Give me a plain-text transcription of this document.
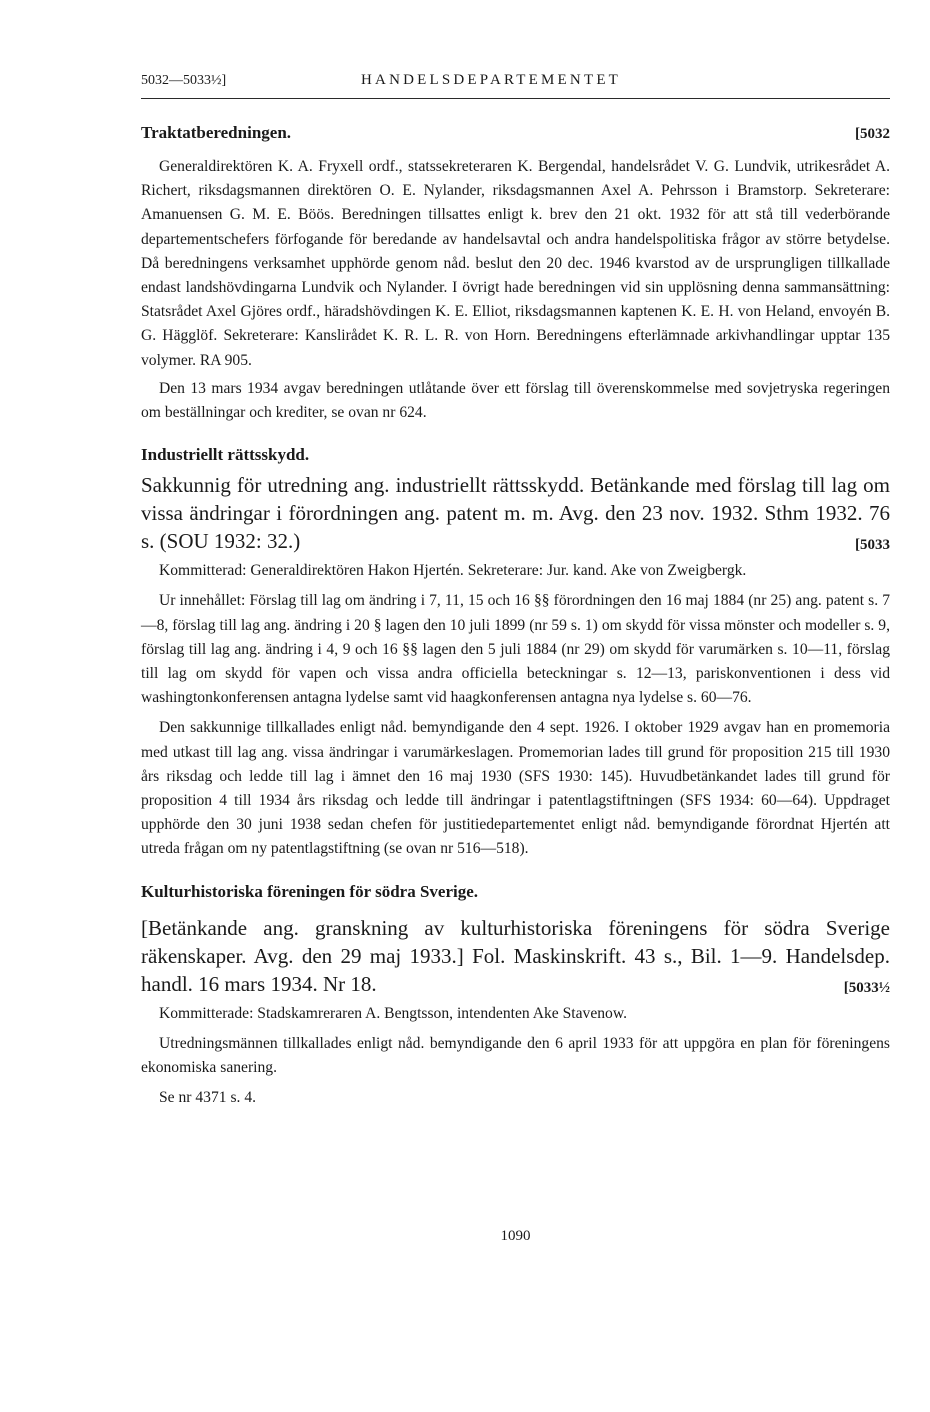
5032—5033½]	HANDELSDEPARTEMENTET
Traktatberedningen.	[5032

Generaldirektören K. A. Fryxell ordf., statssekreteraren K. Bergendal, handelsrådet V. G. Lundvik, utrikesrådet A. Richert, riksdagsmannen direktören O. E. Nylander, riksdagsmannen Axel A. Pehrsson i Bramstorp. Sekreterare: Amanuensen G. M. E. Böös. Beredningen tillsattes enligt k. brev den 21 okt. 1932 för att stå till vederbörande departementschefers förfogande för beredande av handelsavtal och andra handelspolitiska frågor av större betydelse. Då beredningens verksamhet upphörde genom nåd. beslut den 20 dec. 1946 kvarstod av de ursprungligen tillkallade endast landshövdingarna Lundvik och Nylander. I övrigt hade beredningen vid sin upplösning denna sammansättning: Statsrådet Axel Gjöres ordf., häradshövdingen K. E. Elliot, riksdagsmannen kaptenen K. E. H. von Heland, envoyén B. G. Hägglöf. Sekreterare: Kanslirådet K. R. L. R. von Horn. Beredningens efterlämnade arkivhandlingar upptar 135 volymer. RA 905.

Den 13 mars 1934 avgav beredningen utlåtande över ett förslag till överenskommelse med sovjetryska regeringen om beställningar och krediter, se ovan nr 624.

Industriellt rättsskydd.
Sakkunnig för utredning ang. industriellt rättsskydd. Betänkande med förslag till lag om vissa ändringar i förordningen ang. patent m. m. Avg. den 23 nov. 1932. Sthm 1932. 76 s. (SOU 1932: 32.)	[5033

Kommitterad: Generaldirektören Hakon Hjertén. Sekreterare: Jur. kand. Ake von Zweigbergk.

Ur innehållet: Förslag till lag om ändring i 7, 11, 15 och 16 §§ förordningen den 16 maj 1884 (nr 25) ang. patent s. 7—8, förslag till lag ang. ändring i 20 § lagen den 10 juli 1899 (nr 59 s. 1) om skydd för vissa mönster och modeller s. 9, förslag till lag ang. ändring i 4, 9 och 16 §§ lagen den 5 juli 1884 (nr 29) om skydd för varumärken s. 10—11, förslag till lag om skydd för vapen och vissa andra officiella beteckningar s. 12—13, pariskonventionen i dess vid washingtonkonferensen antagna lydelse samt vid haagkonferensen antagna nya lydelse s. 60—76.

Den sakkunnige tillkallades enligt nåd. bemyndigande den 4 sept. 1926. I oktober 1929 avgav han en promemoria med utkast till lag ang. vissa ändringar i varumärkeslagen. Promemorian lades till grund för proposition 215 till 1930 års riksdag och ledde till lag i ämnet den 16 maj 1930 (SFS 1930: 145). Huvudbetänkandet lades till grund för proposition 4 till 1934 års riksdag och ledde till ändringar i patentlagstiftningen (SFS 1934: 60—64). Uppdraget upphörde den 30 juni 1938 sedan chefen för justitiedepartementet enligt nåd. bemyndigande förordnat Hjertén att utreda frågan om ny patentlagstiftning (se ovan nr 516—518).

Kulturhistoriska föreningen för södra Sverige.
[Betänkande ang. granskning av kulturhistoriska föreningens för södra Sverige räkenskaper. Avg. den 29 maj 1933.] Fol. Maskinskrift. 43 s., Bil. 1—9. Handelsdep. handl. 16 mars 1934. Nr 18.	[5033½

Kommitterade: Stadskamreraren A. Bengtsson, intendenten Ake Stavenow.

Utredningsmännen tillkallades enligt nåd. bemyndigande den 6 april 1933 för att uppgöra en plan för föreningens ekonomiska sanering.

Se nr 4371 s. 4.

1090
